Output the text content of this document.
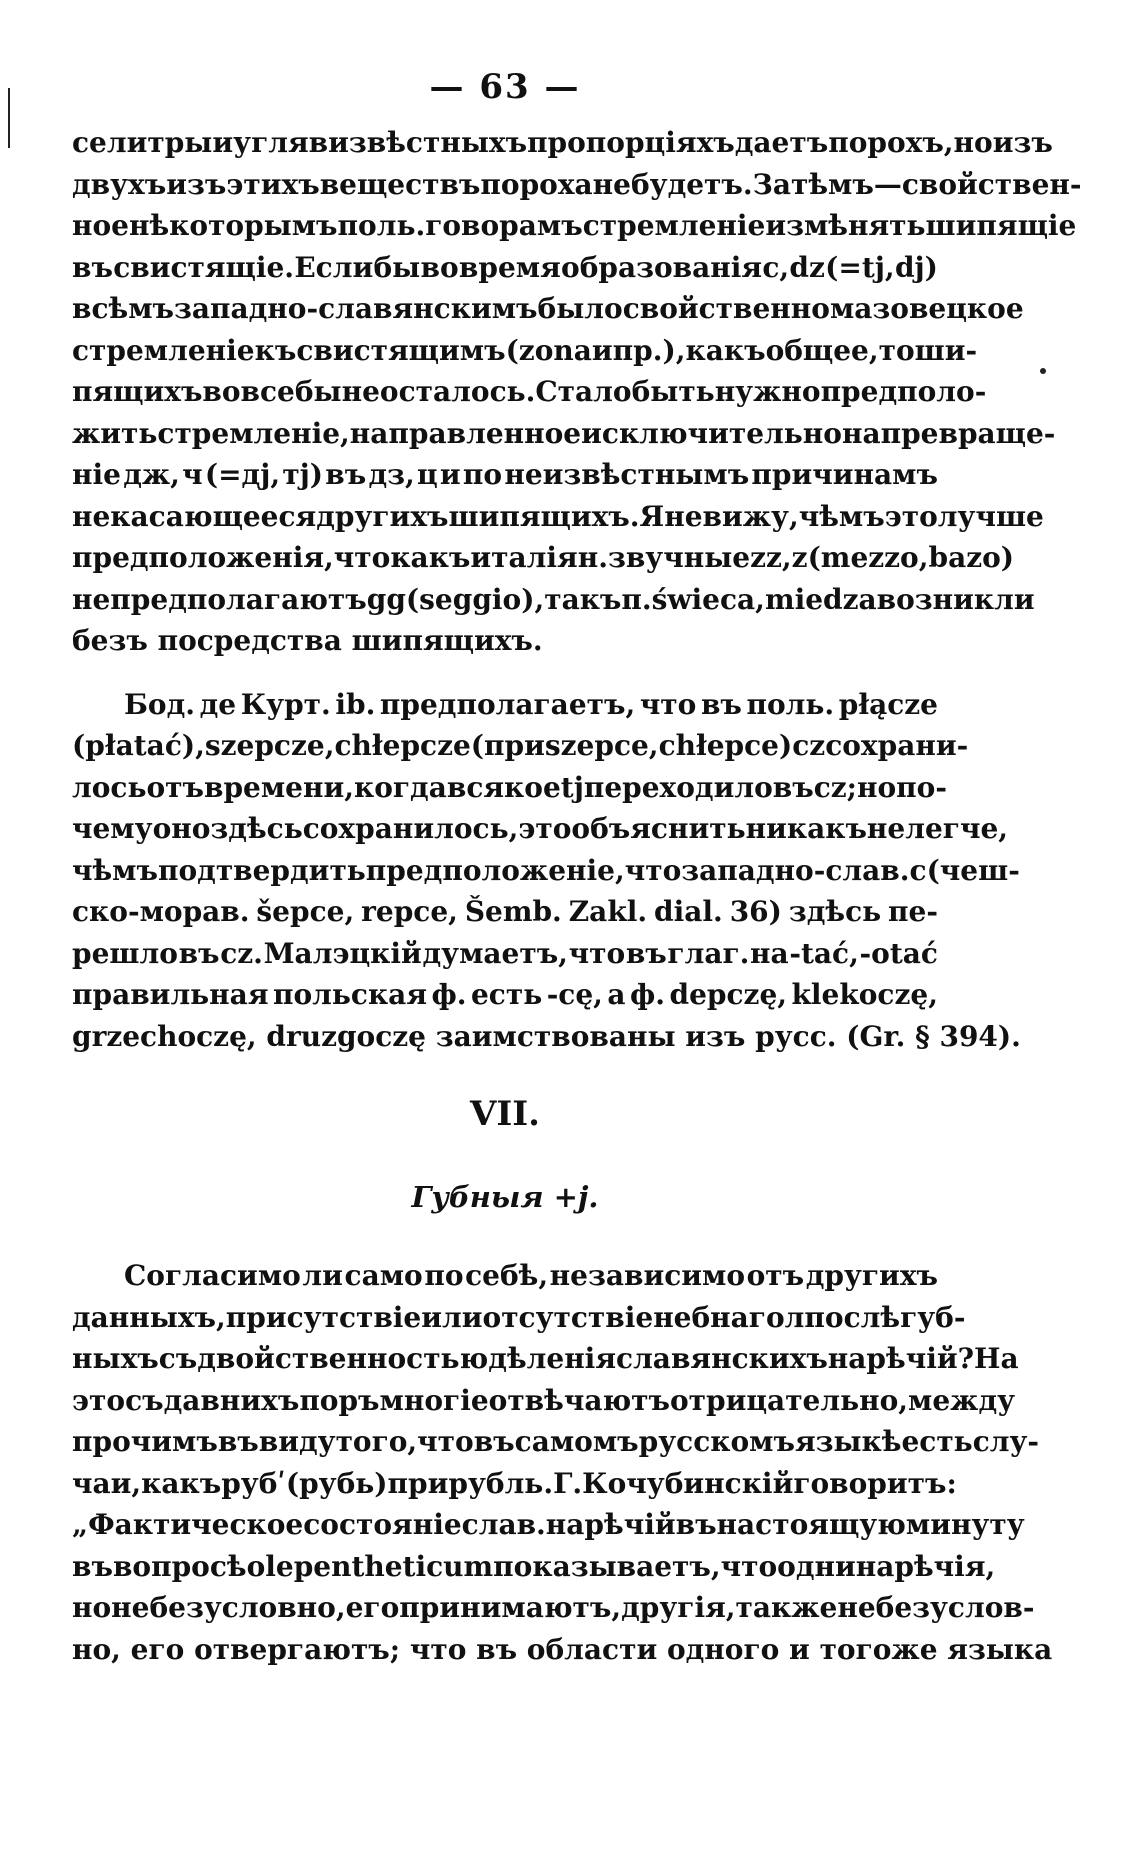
— 63 —
селитры и угля в извѣстныхъ пропорціяхъ даетъ порохъ, но изъ
двухъ изъ этихъ веществъ пороха небудетъ. Затѣмъ—свойствен-
ное нѣкоторымъ поль. говорамъ стремленіе измѣнять шипящіе
въ свистящіе. Если бы во время образованія c, dz (=tj, dj)
всѣмъ западно-славянскимъ было свойственно мазовецкое
стремленіе къ свистящимъ (zona и пр.), какъ общее, то ши-
пящихъ вовсе бы неосталось. Стало быть нужно предполо-
жить стремленіе, направленное исключительно на превраще-
ніе дж, ч (=дj, тj) въ дз, ц и по неизвѣстнымъ причинамъ
некасающееся другихъ шипящихъ. Я невижу, чѣмъ это лучше
предположенія, что какъ италіян. звучные zz, z (mezzo, bazo)
непредполагаютъ gg (seggio), такъ п. świeca, miedza возникли
безъ посредства шипящихъ.
Бод. де Курт. ib. предполагаетъ, что въ поль. płącze
(płatać), szepcze, chłepcze (при szepce, chłepce) cz сохрани-
лось отъ времени, когда всякое tj переходило въ cz; но по-
чему оно здѣсь сохранилось, это объяснить никакъ не легче,
чѣмъ подтвердить предположеніе, что западно-слав. c (чеш-
ско-морав. šepce, repce, Šemb. Zakl. dial. 36) здѣсь пе-
решло въ cz. Малэцкій думаетъ, что въ глаг. на -tać, -otać
правильная польская ф. есть -cę, а ф. depczę, klekoczę,
grzechoczę, druzgoczę заимствованы изъ русс. (Gr. § 394).
VII.
Губныя +j.
Согласимо ли само по себѣ, независимо отъ другихъ
данныхъ, присутствіе или отсутствіе небнаго л послѣ губ-
ныхъ съ двойственностью дѣленія славянскихъ нарѣчій? На
это съ давнихъ поръ многіе отвѣчаютъ отрицательно, между
прочимъ въ виду того, что въ самомъ русскомъ языкѣ есть слу-
чаи, какъ рубʹ (рубь) при рубль. Г. Кочубинскій говоритъ:
„Фактическое состояніе слав. нарѣчій въ настоящую минуту
въ вопросѣ о l epentheticum показываетъ, что одни нарѣчія,
но небезусловно, его принимаютъ, другія, также небезуслов-
но, его отвергаютъ; что въ области одного и тогоже языка
